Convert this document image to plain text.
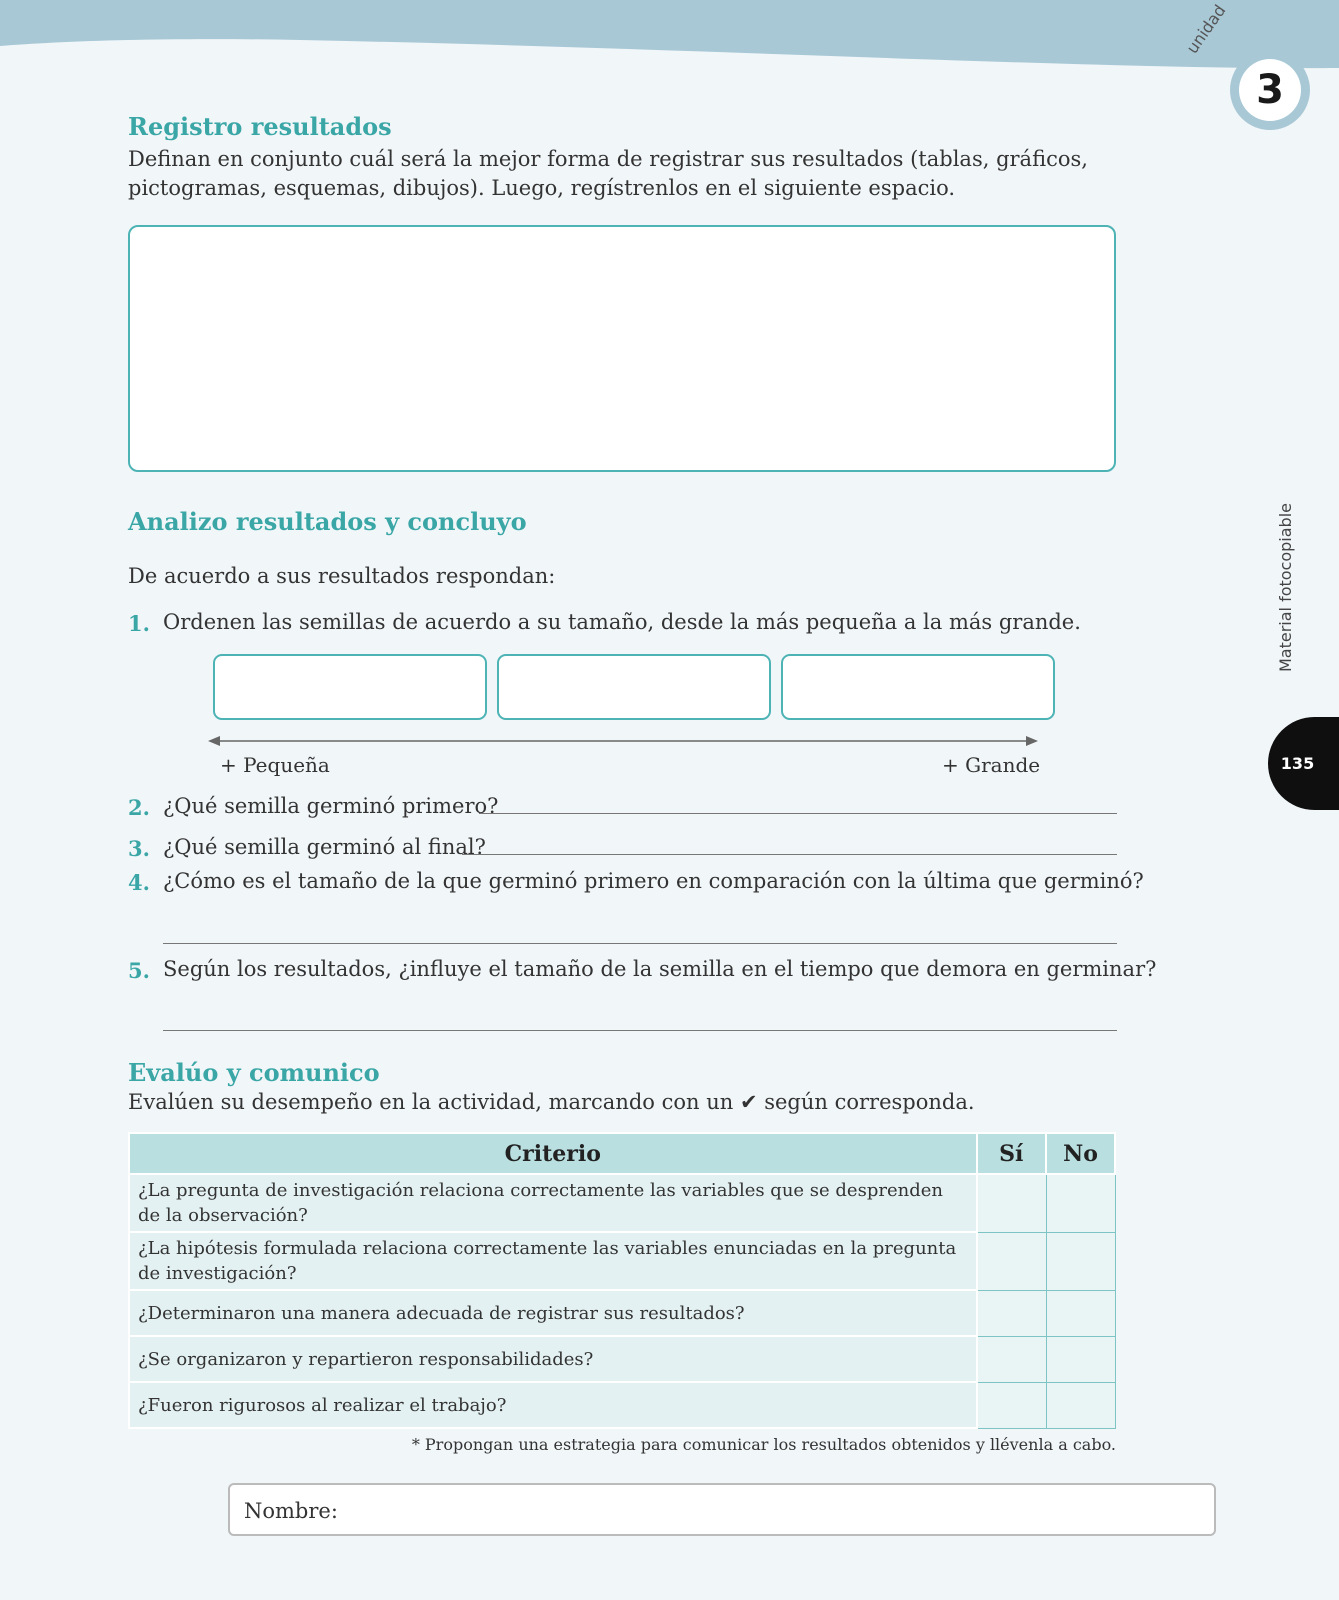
unidad
3
Material fotocopiable
135
Registro resultados
Definan en conjunto cuál será la mejor forma de registrar sus resultados (tablas, gráficos, pictogramas, esquemas, dibujos). Luego, regístrenlos en el siguiente espacio.
Analizo resultados y concluyo
De acuerdo a sus resultados respondan:
1. Ordenen las semillas de acuerdo a su tamaño, desde la más pequeña a la más grande.
+ Pequeña	+ Grande
2. ¿Qué semilla germinó primero?
3. ¿Qué semilla germinó al final?
4. ¿Cómo es el tamaño de la que germinó primero en comparación con la última que germinó?
5. Según los resultados, ¿influye el tamaño de la semilla en el tiempo que demora en germinar?
Evalúo y comunico
Evalúen su desempeño en la actividad, marcando con un ✔ según corresponda.
Criterio	Sí	No
¿La pregunta de investigación relaciona correctamente las variables que se desprenden de la observación?		
¿La hipótesis formulada relaciona correctamente las variables enunciadas en la pregunta de investigación?		
¿Determinaron una manera adecuada de registrar sus resultados?		
¿Se organizaron y repartieron responsabilidades?		
¿Fueron rigurosos al realizar el trabajo?		
* Propongan una estrategia para comunicar los resultados obtenidos y llévenla a cabo.
Nombre:
